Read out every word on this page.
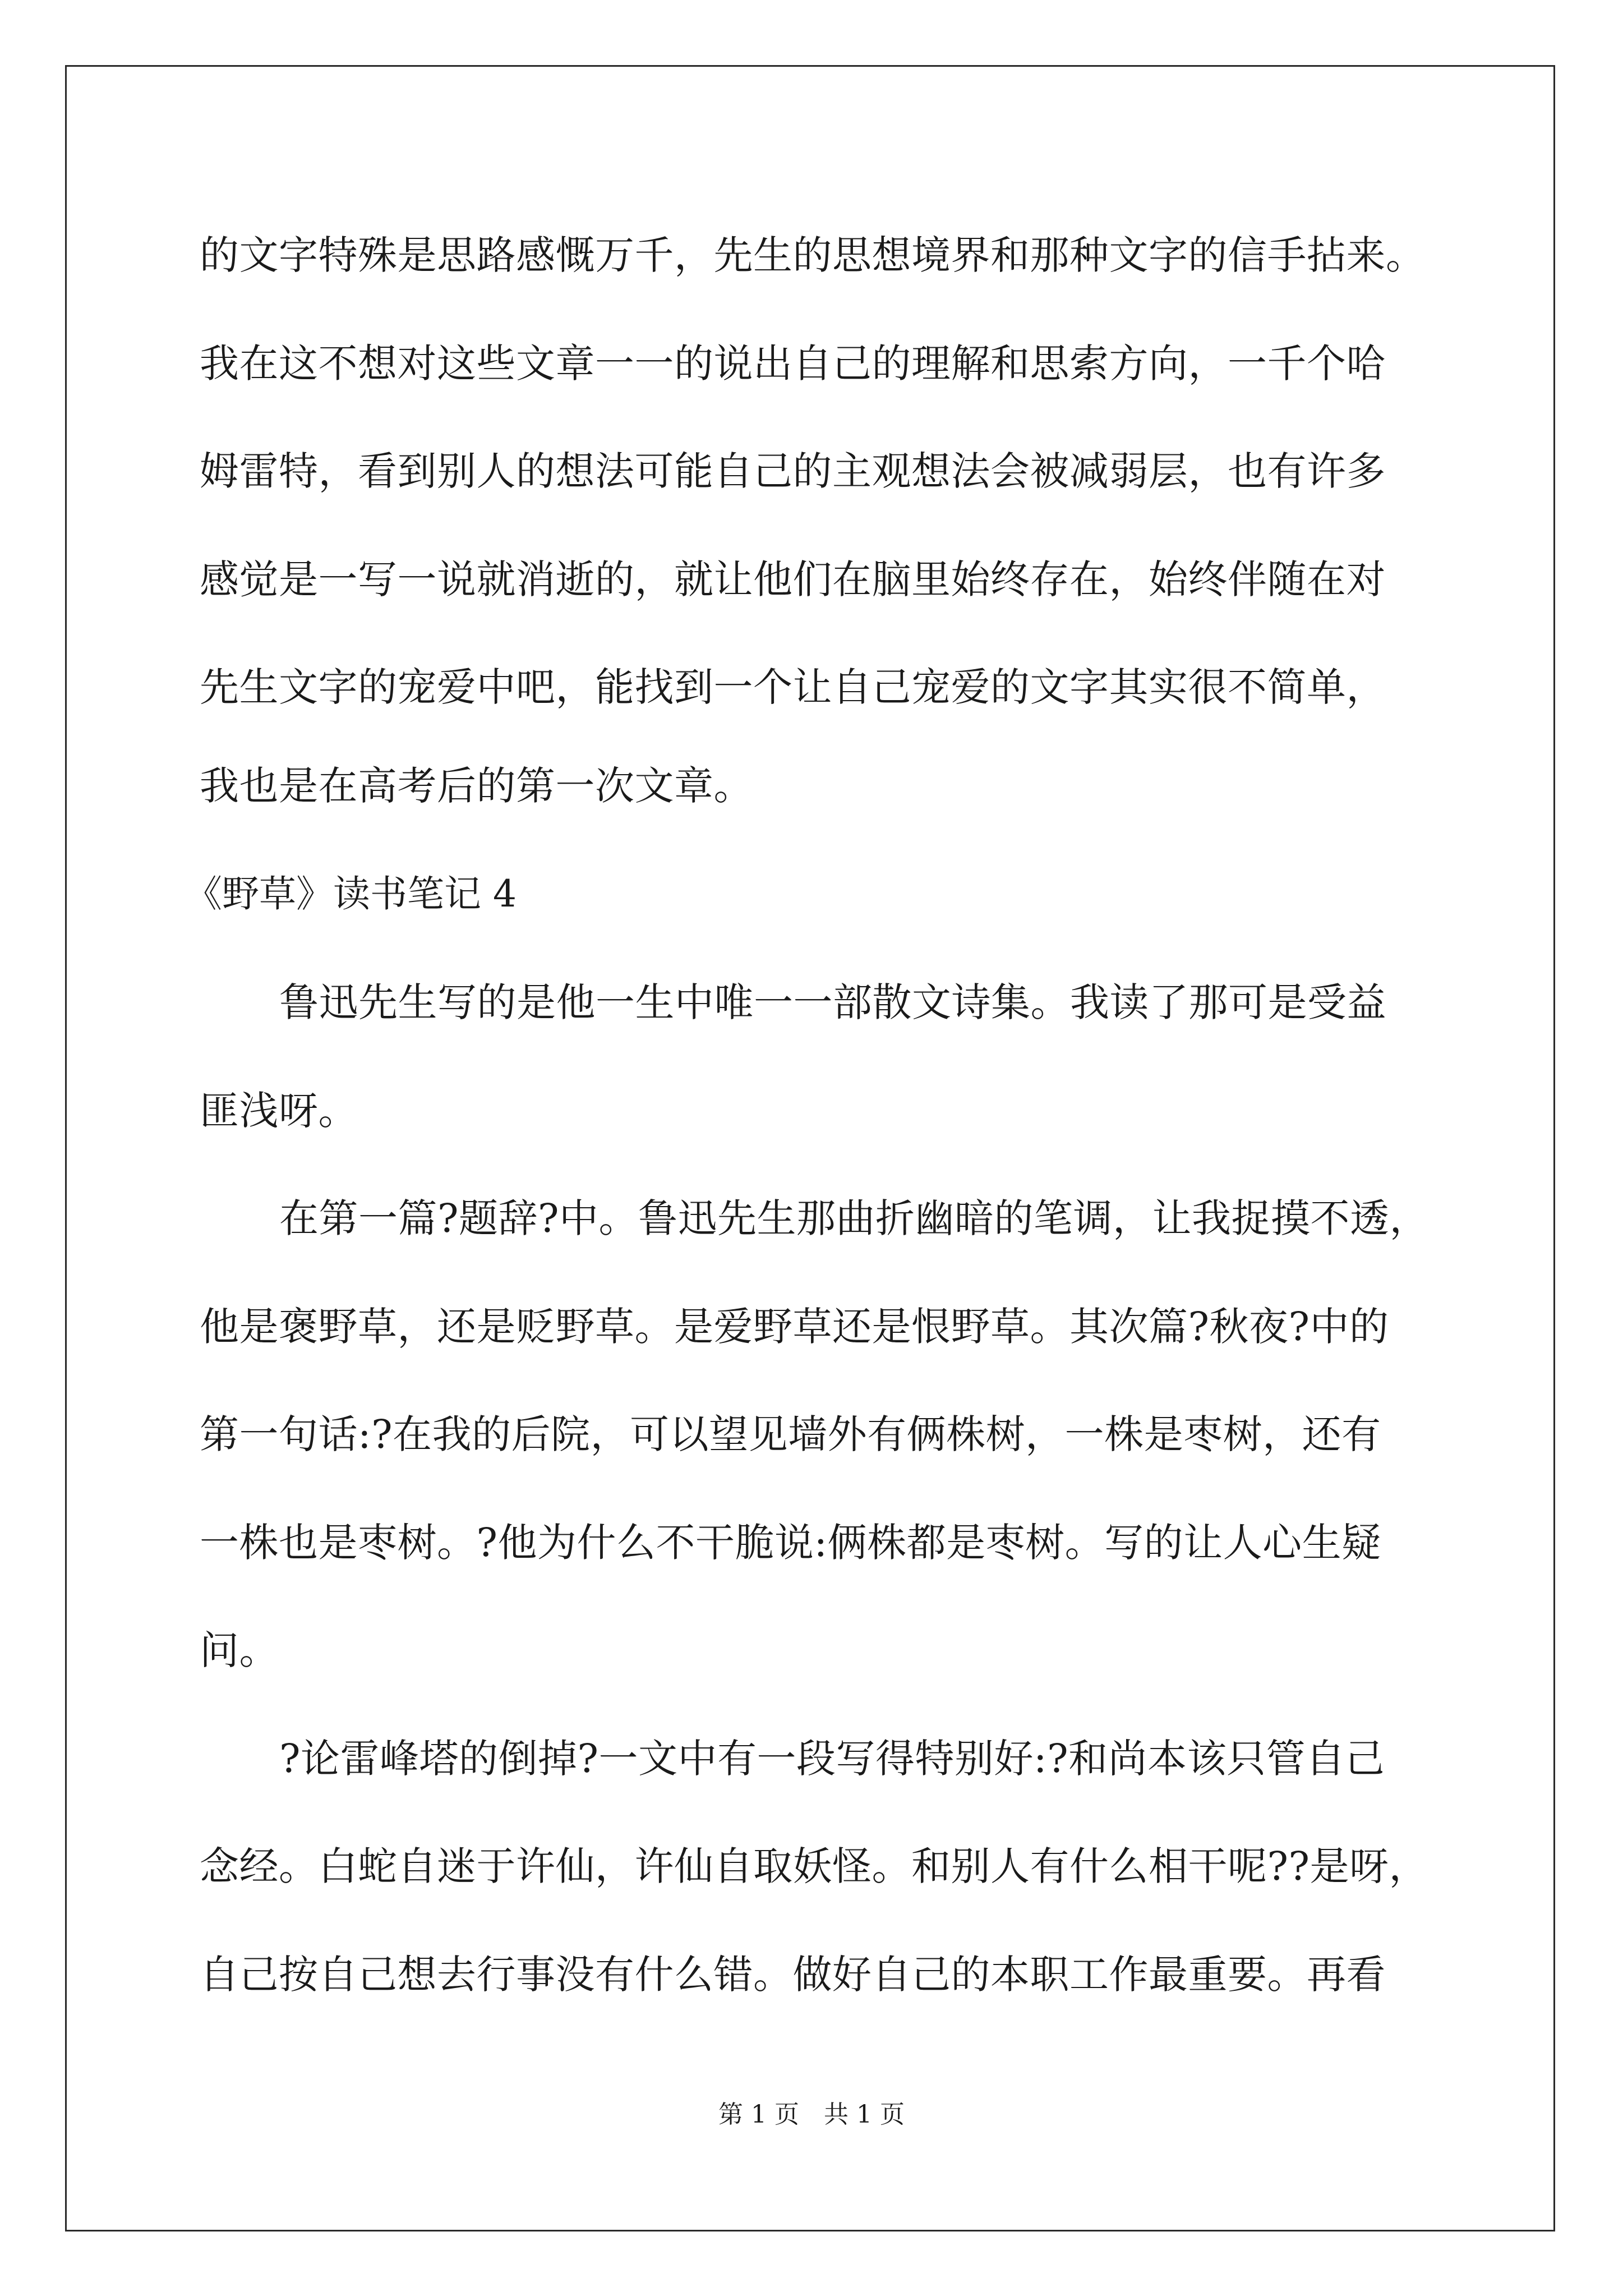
的文字特殊是思路感慨万千，先生的思想境界和那种文字的信手拈来。
我在这不想对这些文章一一的说出自己的理解和思索方向，一千个哈
姆雷特，看到别人的想法可能自己的主观想法会被减弱层，也有许多
感觉是一写一说就消逝的，就让他们在脑里始终存在，始终伴随在对
先生文字的宠爱中吧，能找到一个让自己宠爱的文字其实很不简单，
我也是在高考后的第一次文章。
《野草》读书笔记 4
鲁迅先生写的是他一生中唯一一部散文诗集。我读了那可是受益
匪浅呀。
在第一篇?题辞?中。鲁迅先生那曲折幽暗的笔调，让我捉摸不透，
他是褒野草，还是贬野草。是爱野草还是恨野草。其次篇?秋夜?中的
第一句话:?在我的后院，可以望见墙外有俩株树，一株是枣树，还有
一株也是枣树。?他为什么不干脆说:俩株都是枣树。写的让人心生疑
问。
?论雷峰塔的倒掉?一文中有一段写得特别好:?和尚本该只管自己
念经。白蛇自迷于许仙，许仙自取妖怪。和别人有什么相干呢??是呀，
自己按自己想去行事没有什么错。做好自己的本职工作最重要。再看
第 1 页　共 1 页
